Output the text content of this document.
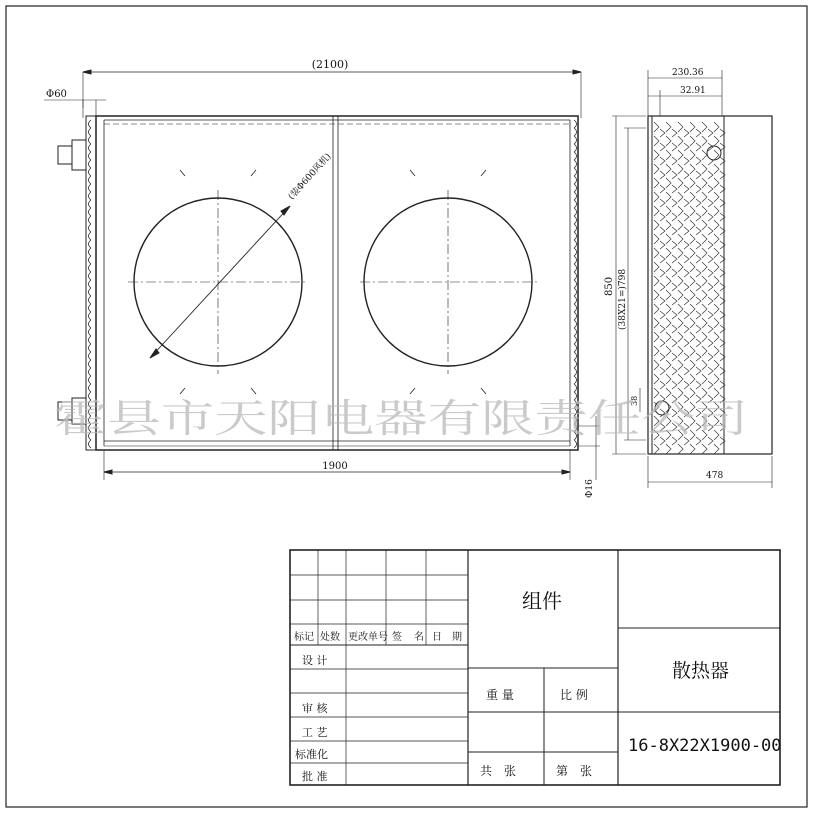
(2100)
Φ60
1900
(装Φ600风机)
Φ16
230.36
32.91
850 (38X21=)798
38
478
霍县市天阳电器有限责任公司
标记 处数 更改单号 签 名 日 期
设 计
审 核
工 艺
标准化
批 准
组件
重 量	比 例
共　张	第　张
散热器
16-8X22X1900-00
